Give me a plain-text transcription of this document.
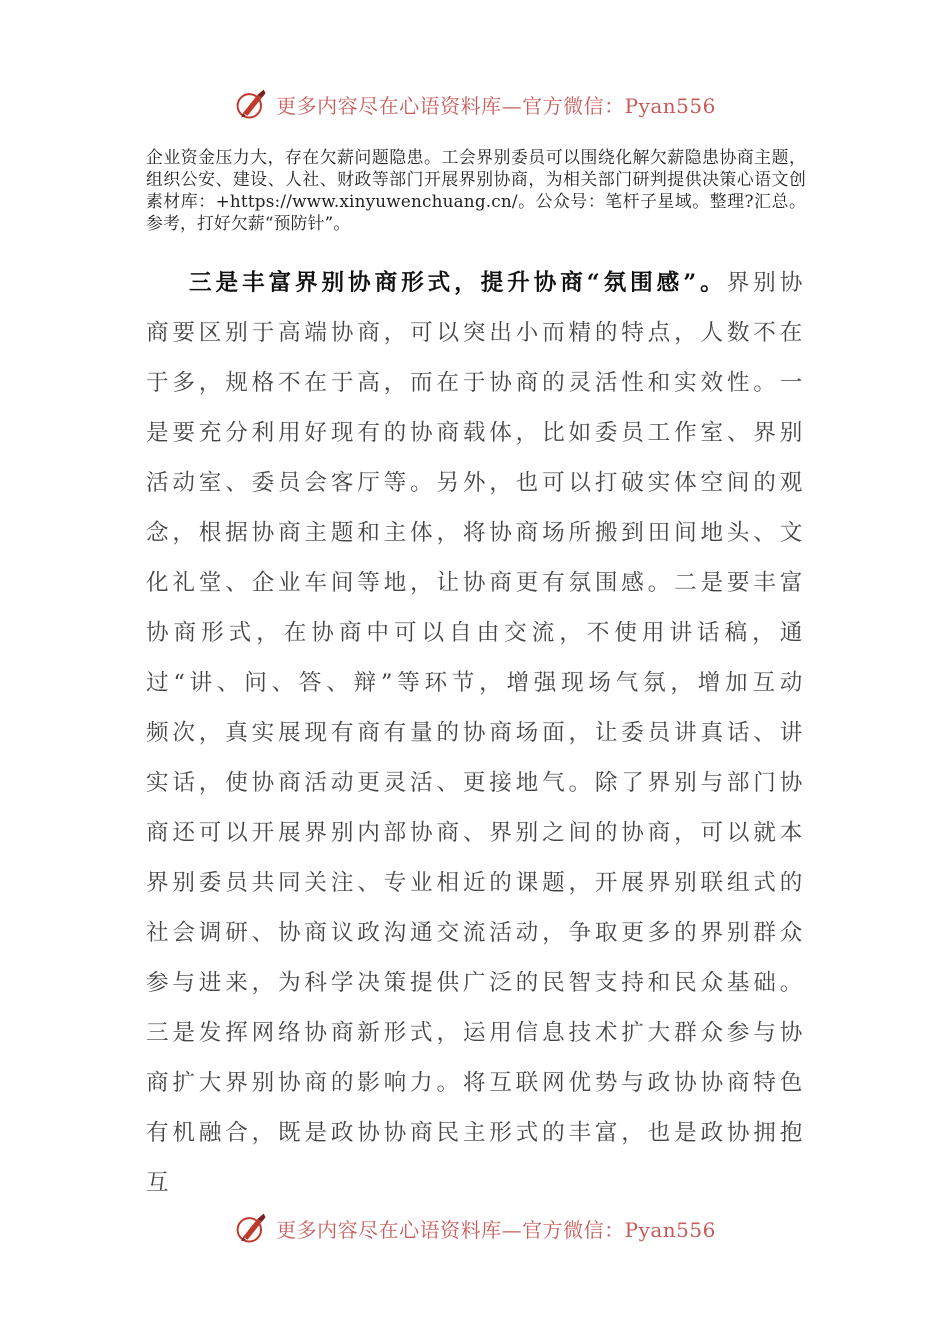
更多内容尽在心语资料库—官方微信：Pyan556
企业资金压力大，存在欠薪问题隐患。工会界别委员可以围绕化解欠薪隐患协商主题，组织公安、建设、人社、财政等部门开展界别协商，为相关部门研判提供决策心语文创素材库：+https://www.xinyuwenchuang.cn/。公众号：笔杆子星域。整理?汇总。参考，打好欠薪“预防针”。
三是丰富界别协商形式，提升协商“氛围感”。界别协商要区别于高端协商，可以突出小而精的特点，人数不在于多，规格不在于高，而在于协商的灵活性和实效性。一是要充分利用好现有的协商载体，比如委员工作室、界别活动室、委员会客厅等。另外，也可以打破实体空间的观念，根据协商主题和主体，将协商场所搬到田间地头、文化礼堂、企业车间等地，让协商更有氛围感。二是要丰富协商形式，在协商中可以自由交流，不使用讲话稿，通过“讲、问、答、辩”等环节，增强现场气氛，增加互动频次，真实展现有商有量的协商场面，让委员讲真话、讲实话，使协商活动更灵活、更接地气。除了界别与部门协商还可以开展界别内部协商、界别之间的协商，可以就本界别委员共同关注、专业相近的课题，开展界别联组式的社会调研、协商议政沟通交流活动，争取更多的界别群众参与进来，为科学决策提供广泛的民智支持和民众基础。三是发挥网络协商新形式，运用信息技术扩大群众参与协商扩大界别协商的影响力。将互联网优势与政协协商特色有机融合，既是政协协商民主形式的丰富，也是政协拥抱互
更多内容尽在心语资料库—官方微信：Pyan556
